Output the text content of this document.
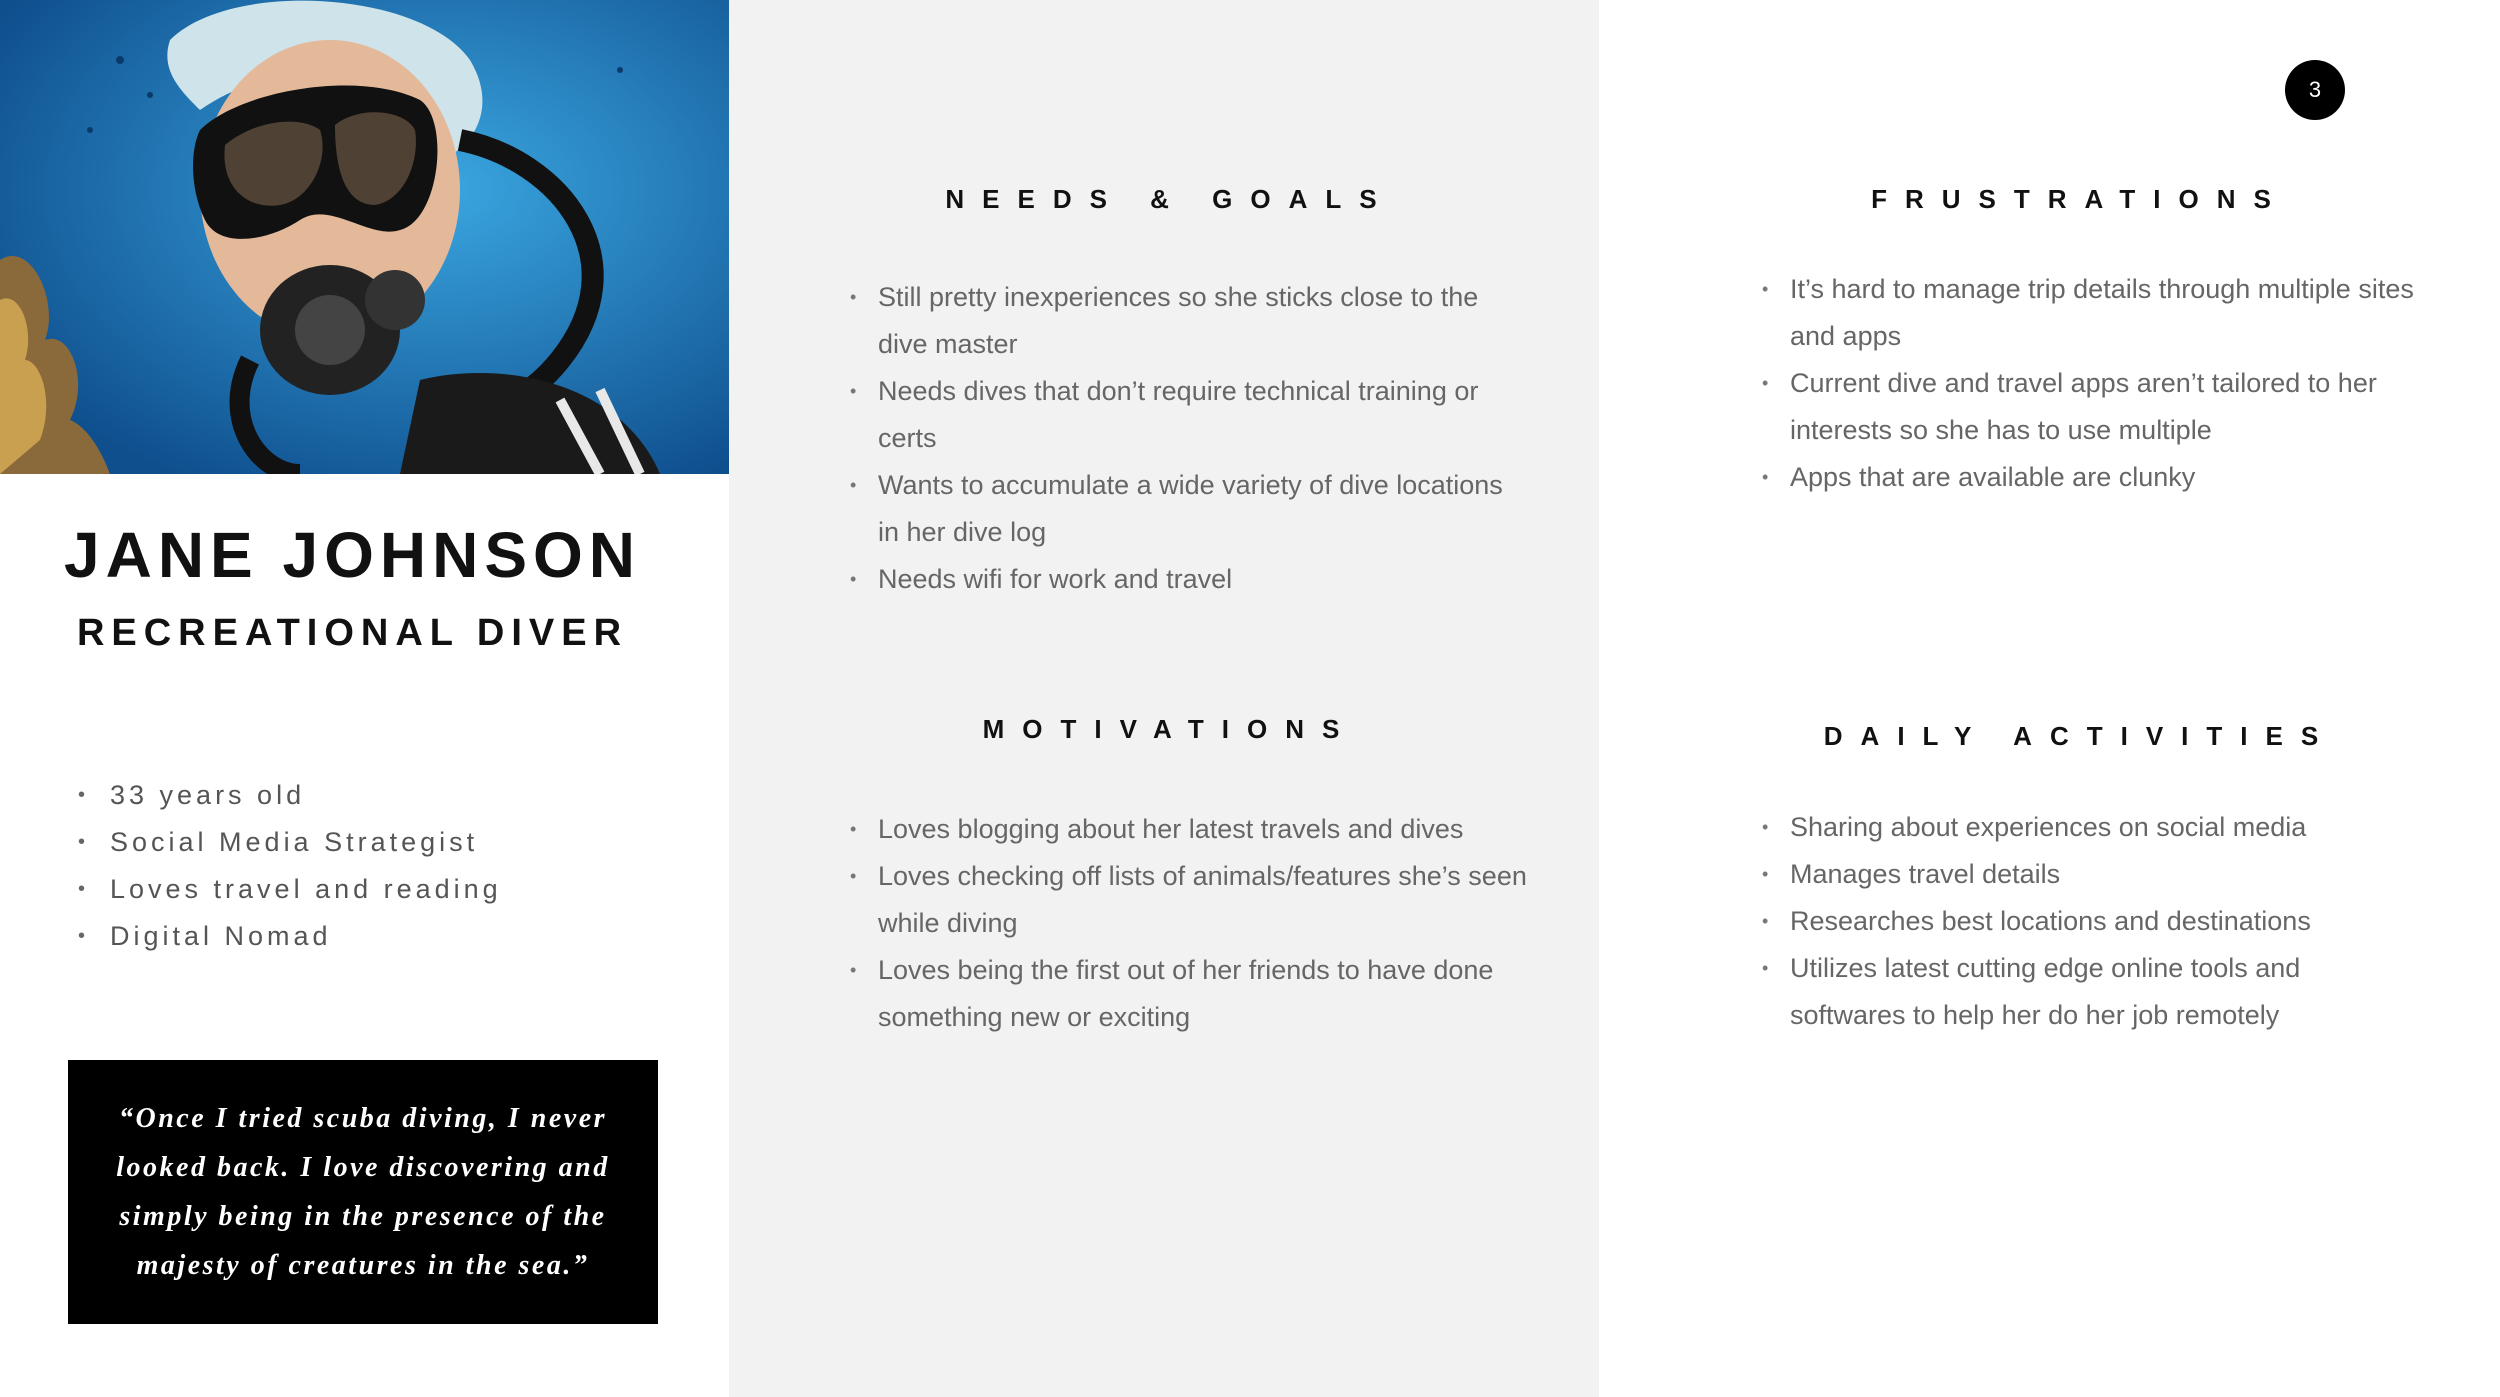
JANE JOHNSON
RECREATIONAL DIVER
• 33 years old
• Social Media Strategist
• Loves travel and reading
• Digital Nomad
“Once I tried scuba diving, I never looked back. I love discovering and simply being in the presence of the majesty of creatures in the sea.”
NEEDS & GOALS
• Still pretty inexperiences so she sticks close to the dive master
• Needs dives that don’t require technical training or certs
• Wants to accumulate a wide variety of dive locations in her dive log
• Needs wifi for work and travel
MOTIVATIONS
• Loves blogging about her latest travels and dives
• Loves checking off lists of animals/features she’s seen while diving
• Loves being the first out of her friends to have done something new or exciting
FRUSTRATIONS
• It’s hard to manage trip details through multiple sites and apps
• Current dive and travel apps aren’t tailored to her interests so she has to use multiple
• Apps that are available are clunky
DAILY ACTIVITIES
• Sharing about experiences on social media
• Manages travel details
• Researches best locations and destinations
• Utilizes latest cutting edge online tools and softwares to help her do her job remotely
3
